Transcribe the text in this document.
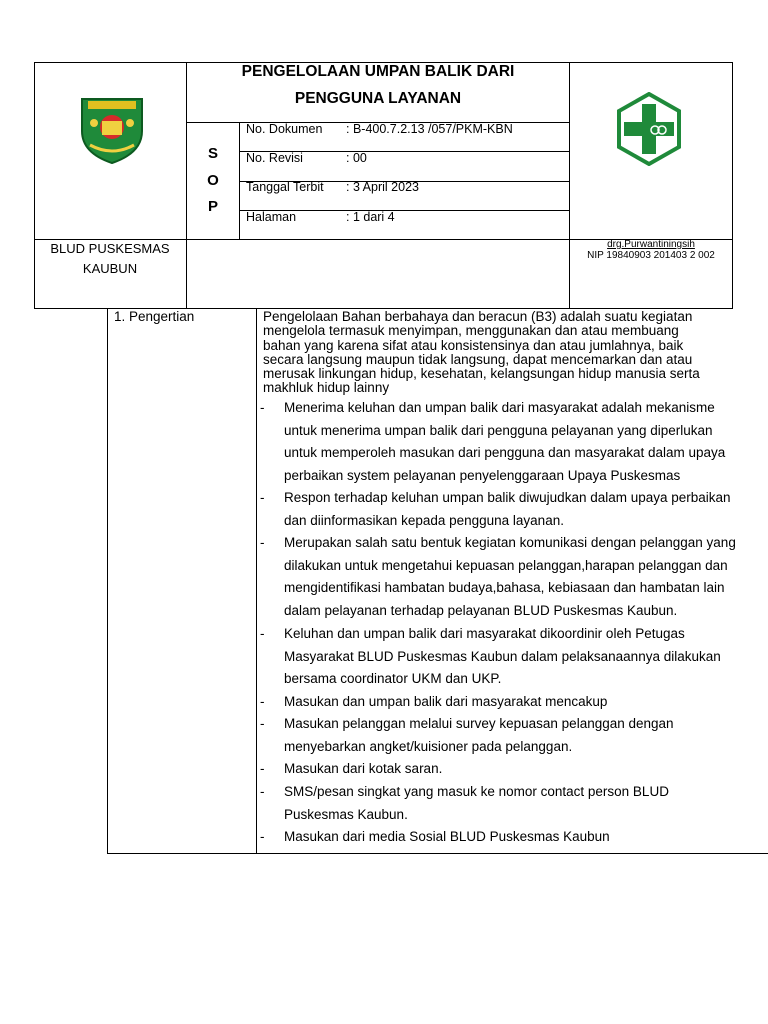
PENGELOLAAN UMPAN BALIK DARI
PENGGUNA LAYANAN
S
O
P
No. Dokumen : B-400.7.2.13 /057/PKM-KBN
No. Revisi	: 00
Tanggal Terbit : 3 April 2023
Halaman	: 1 dari 4
BLUD PUSKESMAS
KAUBUN
drg.Purwantiningsih
NIP 19840903 201403 2 002
1. Pengertian	Pengelolaan Bahan berbahaya dan beracun (B3) adalah suatu kegiatan
mengelola termasuk menyimpan, menggunakan dan atau membuang
bahan yang karena sifat atau konsistensinya dan atau jumlahnya, baik
secara langsung maupun tidak langsung, dapat mencemarkan dan atau
merusak linkungan hidup, kesehatan, kelangsungan hidup manusia serta
makhluk hidup lainny
- Menerima keluhan dan umpan balik dari masyarakat adalah mekanisme
untuk menerima umpan balik dari pengguna pelayanan yang diperlukan
untuk memperoleh masukan dari pengguna dan masyarakat dalam upaya
perbaikan system pelayanan penyelenggaraan Upaya Puskesmas
- Respon terhadap keluhan umpan balik diwujudkan dalam upaya perbaikan
dan diinformasikan kepada pengguna layanan.
- Merupakan salah satu bentuk kegiatan komunikasi dengan pelanggan yang
dilakukan untuk mengetahui kepuasan pelanggan,harapan pelanggan dan
mengidentifikasi hambatan budaya,bahasa, kebiasaan dan hambatan lain
dalam pelayanan terhadap pelayanan BLUD Puskesmas Kaubun.
- Keluhan dan umpan balik dari masyarakat dikoordinir oleh Petugas
Masyarakat BLUD Puskesmas Kaubun dalam pelaksanaannya dilakukan
bersama coordinator UKM dan UKP.
- Masukan dan umpan balik dari masyarakat mencakup
- Masukan pelanggan melalui survey kepuasan pelanggan dengan
menyebarkan angket/kuisioner pada pelanggan.
- Masukan dari kotak saran.
- SMS/pesan singkat yang masuk ke nomor contact person BLUD
Puskesmas Kaubun.
- Masukan dari media Sosial BLUD Puskesmas Kaubun
